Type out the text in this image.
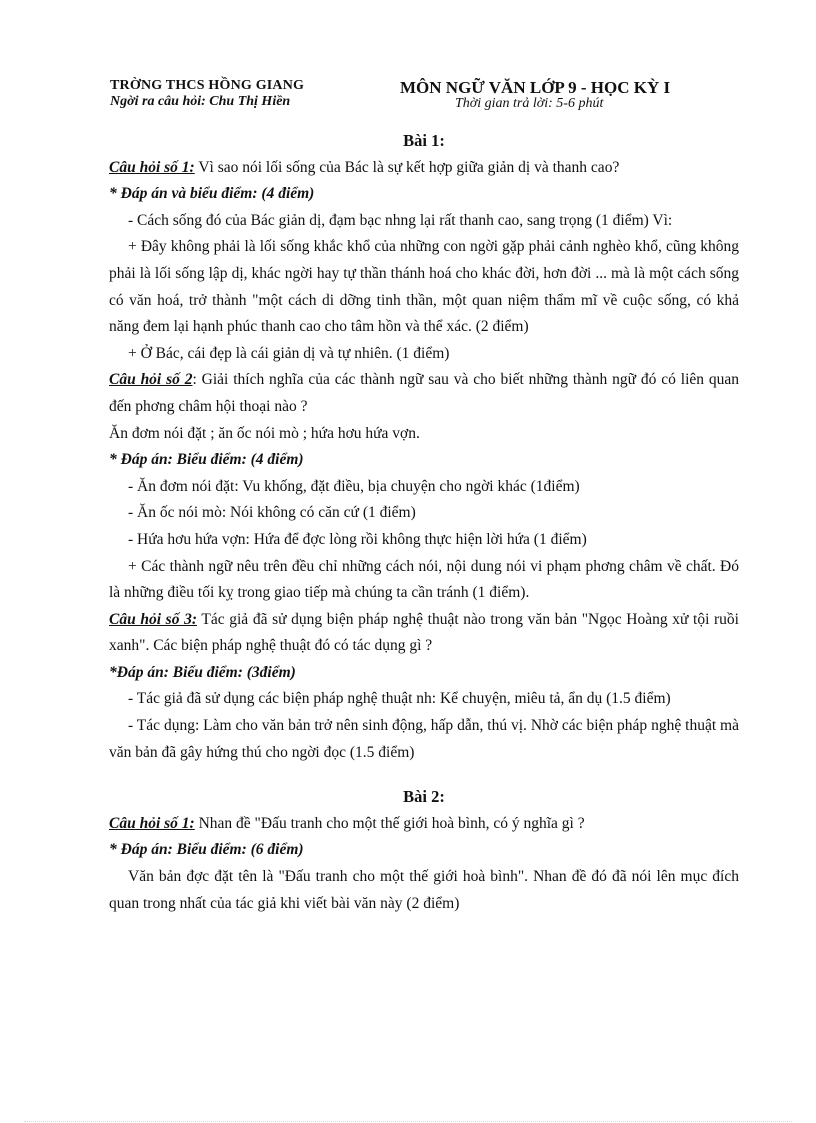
TRỜNG THCS HỒNG GIANG
Ngời ra câu hỏi: Chu Thị Hiền
MÔN NGỮ VĂN LỚP 9 - HỌC KỲ I
Thời gian trả lời: 5-6 phút

Bài 1:

Câu hỏi số 1: Vì sao nói lối sống của Bác là sự kết hợp giữa giản dị và thanh cao?

* Đáp án và biểu điểm: (4 điểm)

- Cách sống đó của Bác giản dị, đạm bạc nhng lại rất thanh cao, sang trọng (1 điểm) Vì:

+ Đây không phải là lối sống khắc khổ của những con ngời gặp phải cảnh nghèo khổ, cũng không phải là lối sống lập dị, khác ngời hay tự thần thánh hoá cho khác đời, hơn đời ... mà là một cách sống có văn hoá, trở thành "một cách di dỡng tinh thần, một quan niệm thẩm mĩ về cuộc sống, có khả năng đem lại hạnh phúc thanh cao cho tâm hồn và thể xác. (2 điểm)

+ Ở Bác, cái đẹp là cái giản dị và tự nhiên. (1 điểm)

Câu hỏi số 2: Giải thích nghĩa của các thành ngữ sau và cho biết những thành ngữ đó có liên quan đến phơng châm hội thoại nào ?

Ăn đơm nói đặt ; ăn ốc nói mò ; hứa hơu hứa vợn.

* Đáp án: Biểu điểm: (4 điểm)

- Ăn đơm nói đặt: Vu khống, đặt điều, bịa chuyện cho ngời khác (1điểm)

- Ăn ốc nói mò: Nói không có căn cứ (1 điểm)

- Hứa hơu hứa vợn: Hứa để đợc lòng rồi không thực hiện lời hứa (1 điểm)

+ Các thành ngữ nêu trên đều chỉ những cách nói, nội dung nói vi phạm phơng châm về chất. Đó là những điều tối kỵ trong giao tiếp mà chúng ta cần tránh (1 điểm).

Câu hỏi số 3: Tác giả đã sử dụng biện pháp nghệ thuật nào trong văn bản "Ngọc Hoàng xử tội ruồi xanh". Các biện pháp nghệ thuật đó có tác dụng gì ?

*Đáp án: Biểu điểm: (3điểm)

- Tác giả đã sử dụng các biện pháp nghệ thuật nh: Kể chuyện, miêu tả, ẩn dụ (1.5 điểm)

- Tác dụng: Làm cho văn bản trở nên sinh động, hấp dẫn, thú vị. Nhờ các biện pháp nghệ thuật mà văn bản đã gây hứng thú cho ngời đọc (1.5 điểm)

Bài 2:

Câu hỏi số 1: Nhan đề "Đấu tranh cho một thế giới hoà bình, có ý nghĩa gì ?

* Đáp án: Biểu điểm: (6 điểm)

Văn bản đợc đặt tên là "Đấu tranh cho một thế giới hoà bình". Nhan đề đó đã nói lên mục đích quan trong nhất của tác giả khi viết bài văn này (2 điểm)
